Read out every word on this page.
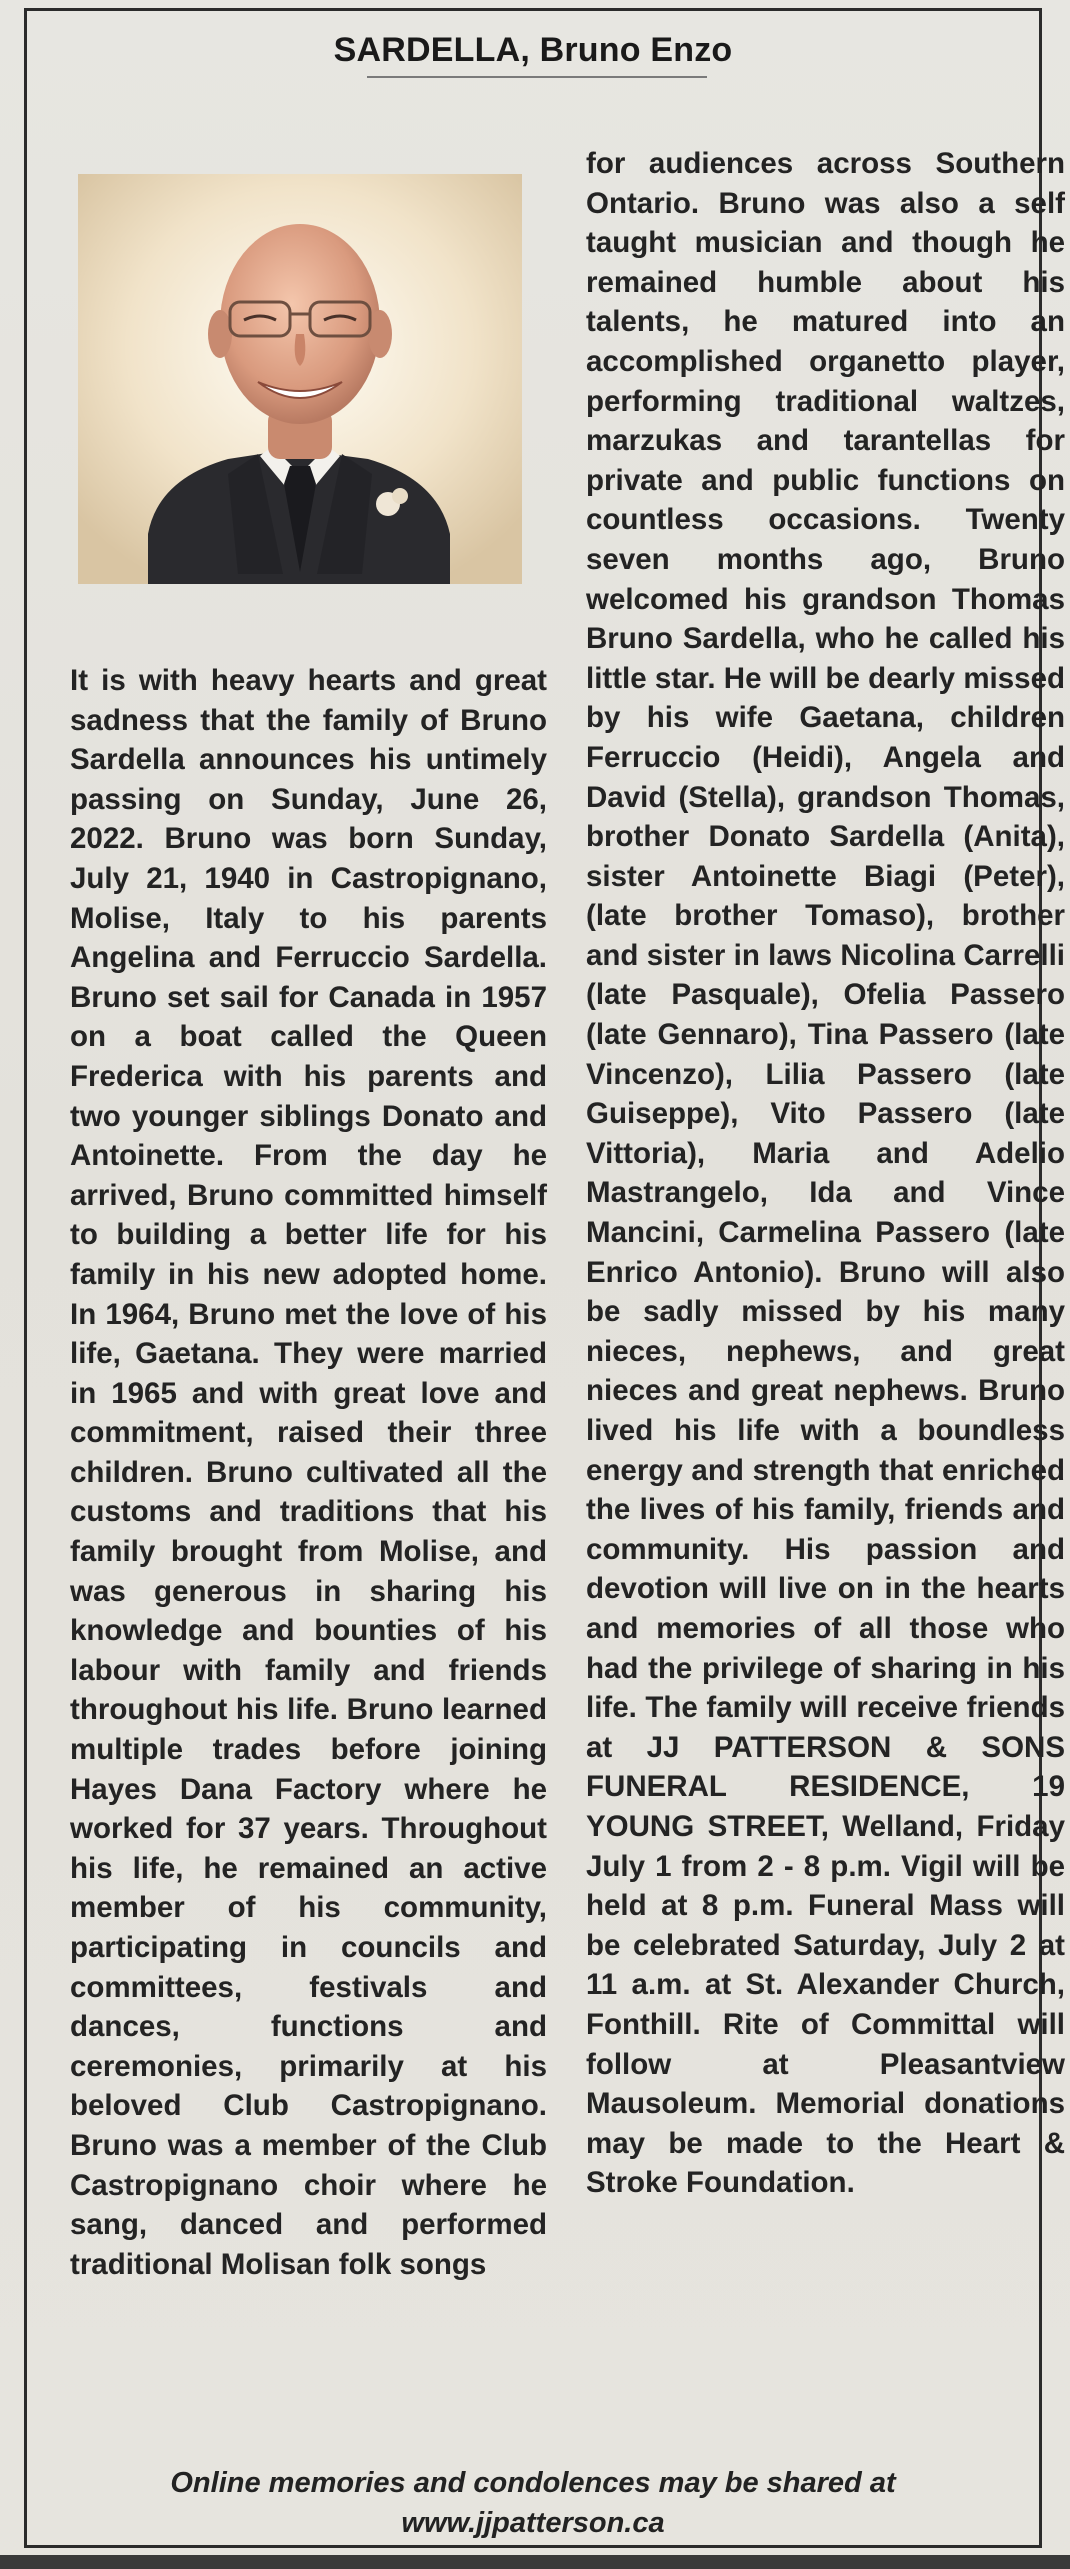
SARDELLA, Bruno Enzo

It is with heavy hearts and great sadness that the family of Bruno Sardella announces his untimely passing on Sunday, June 26, 2022. Bruno was born Sunday, July 21, 1940 in Castropignano, Molise, Italy to his parents Angelina and Ferruccio Sardella. Bruno set sail for Canada in 1957 on a boat called the Queen Frederica with his parents and two younger siblings Donato and Antoinette. From the day he arrived, Bruno committed himself to building a better life for his family in his new adopted home. In 1964, Bruno met the love of his life, Gaetana. They were married in 1965 and with great love and commitment, raised their three children. Bruno cultivated all the customs and traditions that his family brought from Molise, and was generous in sharing his knowledge and bounties of his labour with family and friends throughout his life. Bruno learned multiple trades before joining Hayes Dana Factory where he worked for 37 years. Throughout his life, he remained an active member of his community, participating in councils and committees, festivals and dances, functions and ceremonies, primarily at his beloved Club Castropignano. Bruno was a member of the Club Castropignano choir where he sang, danced and performed traditional Molisan folk songs

for audiences across Southern Ontario. Bruno was also a self taught musician and though he remained humble about his talents, he matured into an accomplished organetto player, performing traditional waltzes, marzukas and tarantellas for private and public functions on countless occasions. Twenty seven months ago, Bruno welcomed his grandson Thomas Bruno Sardella, who he called his little star. He will be dearly missed by his wife Gaetana, children Ferruccio (Heidi), Angela and David (Stella), grandson Thomas, brother Donato Sardella (Anita), sister Antoinette Biagi (Peter), (late brother Tomaso), brother and sister in laws Nicolina Carrelli (late Pasquale), Ofelia Passero (late Gennaro), Tina Passero (late Vincenzo), Lilia Passero (late Guiseppe), Vito Passero (late Vittoria), Maria and Adelio Mastrangelo, Ida and Vince Mancini, Carmelina Passero (late Enrico Antonio). Bruno will also be sadly missed by his many nieces, nephews, and great nieces and great nephews. Bruno lived his life with a boundless energy and strength that enriched the lives of his family, friends and community. His passion and devotion will live on in the hearts and memories of all those who had the privilege of sharing in his life. The family will receive friends at JJ PATTERSON & SONS FUNERAL RESIDENCE, 19 YOUNG STREET, Welland, Friday July 1 from 2 - 8 p.m. Vigil will be held at 8 p.m. Funeral Mass will be celebrated Saturday, July 2 at 11 a.m. at St. Alexander Church, Fonthill. Rite of Committal will follow at Pleasantview Mausoleum. Memorial donations may be made to the Heart & Stroke Foundation.

Online memories and condolences may be shared at
www.jjpatterson.ca
